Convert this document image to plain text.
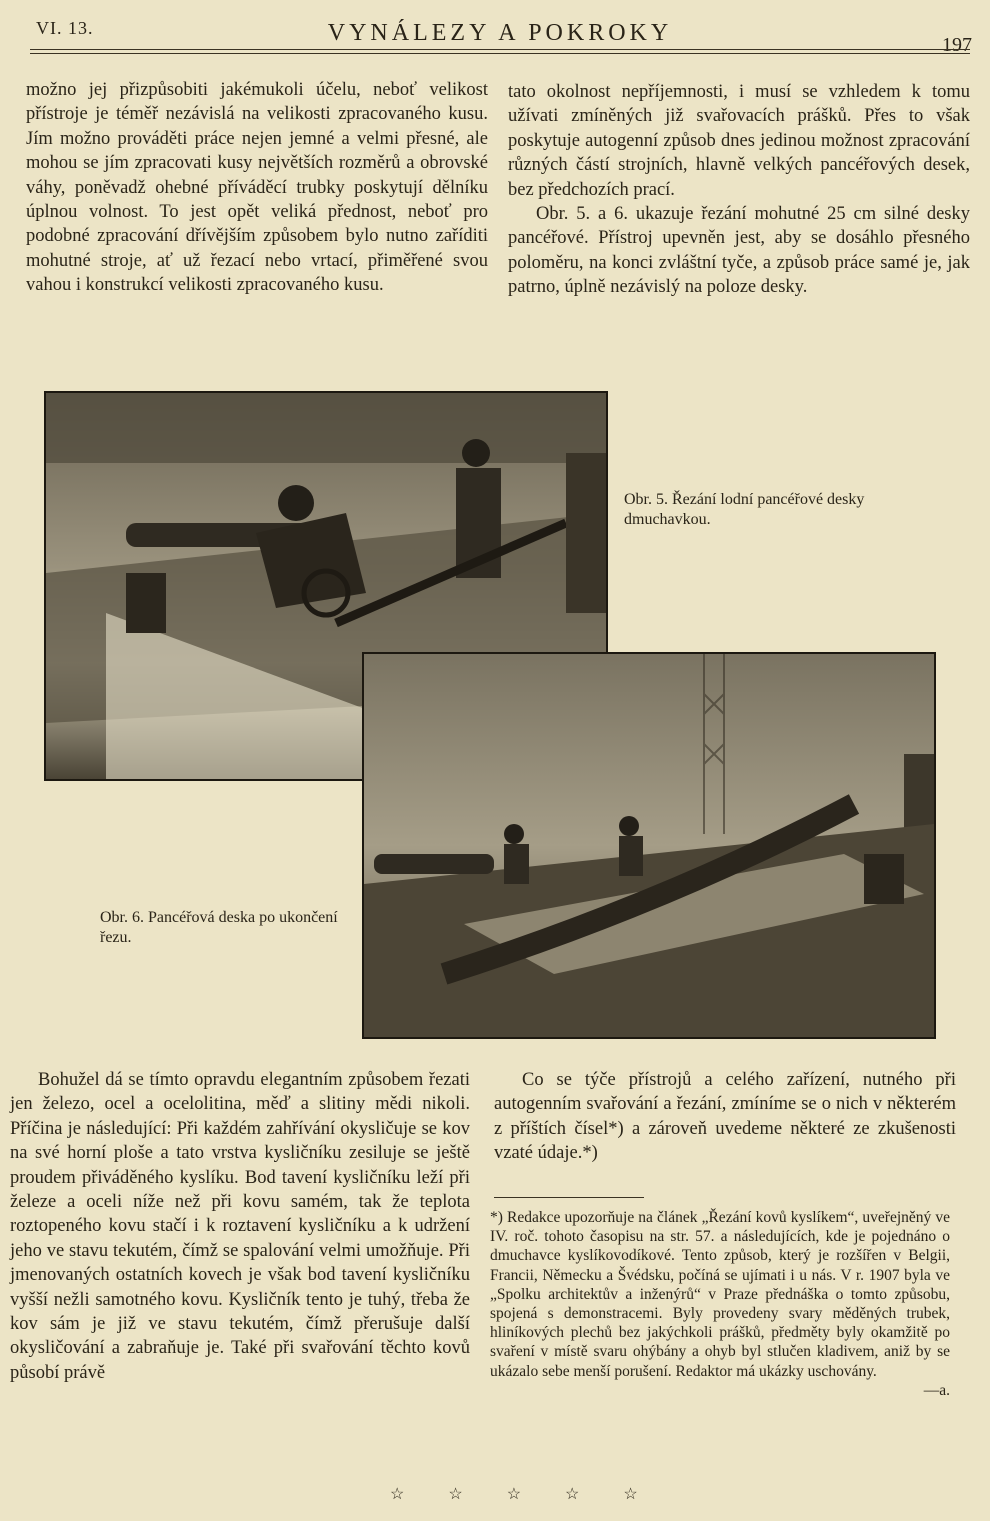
VI. 13.	VYNÁLEZY A POKROKY	197

možno jej přizpůsobiti jakémukoli účelu, neboť velikost přístroje je téměř nezávislá na velikosti zpracovaného kusu. Jím možno prováděti práce nejen jemné a velmi přesné, ale mohou se jím zpracovati kusy největších rozměrů a obrovské váhy, poněvadž ohebné příváděcí trubky poskytují dělníku úplnou volnost. To jest opět veliká přednost, neboť pro podobné zpracování dřívějším způsobem bylo nutno zaříditi mohutné stroje, ať už řezací nebo vrtací, přiměřené svou vahou i konstrukcí velikosti zpracovaného kusu.

tato okolnost nepříjemnosti, i musí se vzhledem k tomu užívati zmíněných již svařovacích prášků. Přes to však poskytuje autogenní způsob dnes jedinou možnost zpracování různých částí strojních, hlavně velkých pancéřových desek, bez předchozích prací.

Obr. 5. a 6. ukazuje řezání mohutné 25 cm silné desky pancéřové. Přístroj upevněn jest, aby se dosáhlo přesného poloměru, na konci zvláštní tyče, a způsob práce samé je, jak patrno, úplně nezávislý na poloze desky.

Obr. 5. Řezání lodní pancéřové desky dmuchavkou.
Obr. 6. Pancéřová deska po ukončení řezu.

Bohužel dá se tímto opravdu elegantním způsobem řezati jen železo, ocel a ocelolitina, měď a slitiny mědi nikoli. Příčina je následující: Při každém zahřívání okysličuje se kov na své horní ploše a tato vrstva kysličníku zesiluje se ještě proudem přiváděného kyslíku. Bod tavení kysličníku leží při železe a oceli níže než při kovu samém, tak že teplota roztopeného kovu stačí i k roztavení kysličníku a k udržení jeho ve stavu tekutém, čímž se spalování velmi umožňuje. Při jmenovaných ostatních kovech je však bod tavení kysličníku vyšší nežli samotného kovu. Kysličník tento je tuhý, třeba že kov sám je již ve stavu tekutém, čímž přerušuje další okysličování a zabraňuje je. Také při svařování těchto kovů působí právě

Co se týče přístrojů a celého zařízení, nutného při autogenním svařování a řezání, zmíníme se o nich v některém z příštích čísel*) a zároveň uvedeme některé ze zkušenosti vzaté údaje.*)

*) Redakce upozorňuje na článek „Řezání kovů kyslíkem“, uveřejněný ve IV. roč. tohoto časopisu na str. 57. a následujících, kde je pojednáno o dmuchavce kyslíkovodíkové. Tento způsob, který je rozšířen v Belgii, Francii, Německu a Švédsku, počíná se ujímati i u nás. V r. 1907 byla ve „Spolku architektův a inženýrů“ v Praze přednáška o tomto způsobu, spojená s demonstracemi. Byly provedeny svary měděných trubek, hliníkových plechů bez jakýchkoli prášků, předměty byly okamžitě po svaření v místě svaru ohýbány a ohyb byl stlučen kladivem, aniž by se ukázalo sebe menší porušení. Redaktor má ukázky uschovány.
—a.
☆ ☆ ☆ ☆ ☆
